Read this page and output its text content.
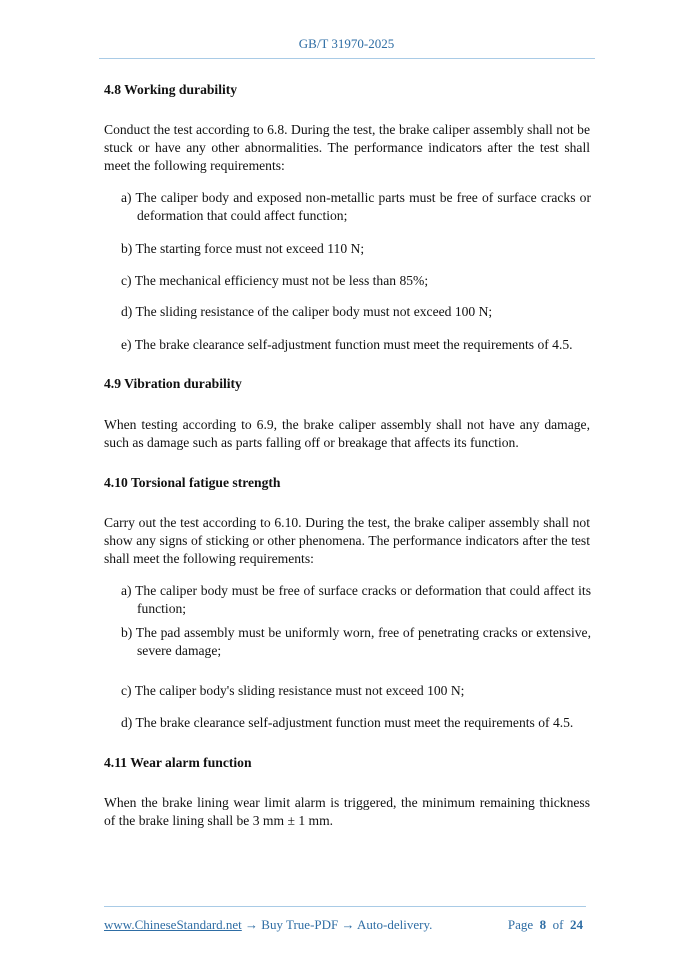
GB/T 31970-2025
4.8 Working durability
Conduct the test according to 6.8. During the test, the brake caliper assembly shall not be stuck or have any other abnormalities. The performance indicators after the test shall meet the following requirements:
a) The caliper body and exposed non-metallic parts must be free of surface cracks or deformation that could affect function;
b) The starting force must not exceed 110 N;
c) The mechanical efficiency must not be less than 85%;
d) The sliding resistance of the caliper body must not exceed 100 N;
e) The brake clearance self-adjustment function must meet the requirements of 4.5.
4.9 Vibration durability
When testing according to 6.9, the brake caliper assembly shall not have any damage, such as damage such as parts falling off or breakage that affects its function.
4.10 Torsional fatigue strength
Carry out the test according to 6.10. During the test, the brake caliper assembly shall not show any signs of sticking or other phenomena. The performance indicators after the test shall meet the following requirements:
a) The caliper body must be free of surface cracks or deformation that could affect its function;
b) The pad assembly must be uniformly worn, free of penetrating cracks or extensive, severe damage;
c) The caliper body's sliding resistance must not exceed 100 N;
d) The brake clearance self-adjustment function must meet the requirements of 4.5.
4.11 Wear alarm function
When the brake lining wear limit alarm is triggered, the minimum remaining thickness of the brake lining shall be 3 mm ± 1 mm.
www.ChineseStandard.net → Buy True-PDF → Auto-delivery.	Page 8 of 24
